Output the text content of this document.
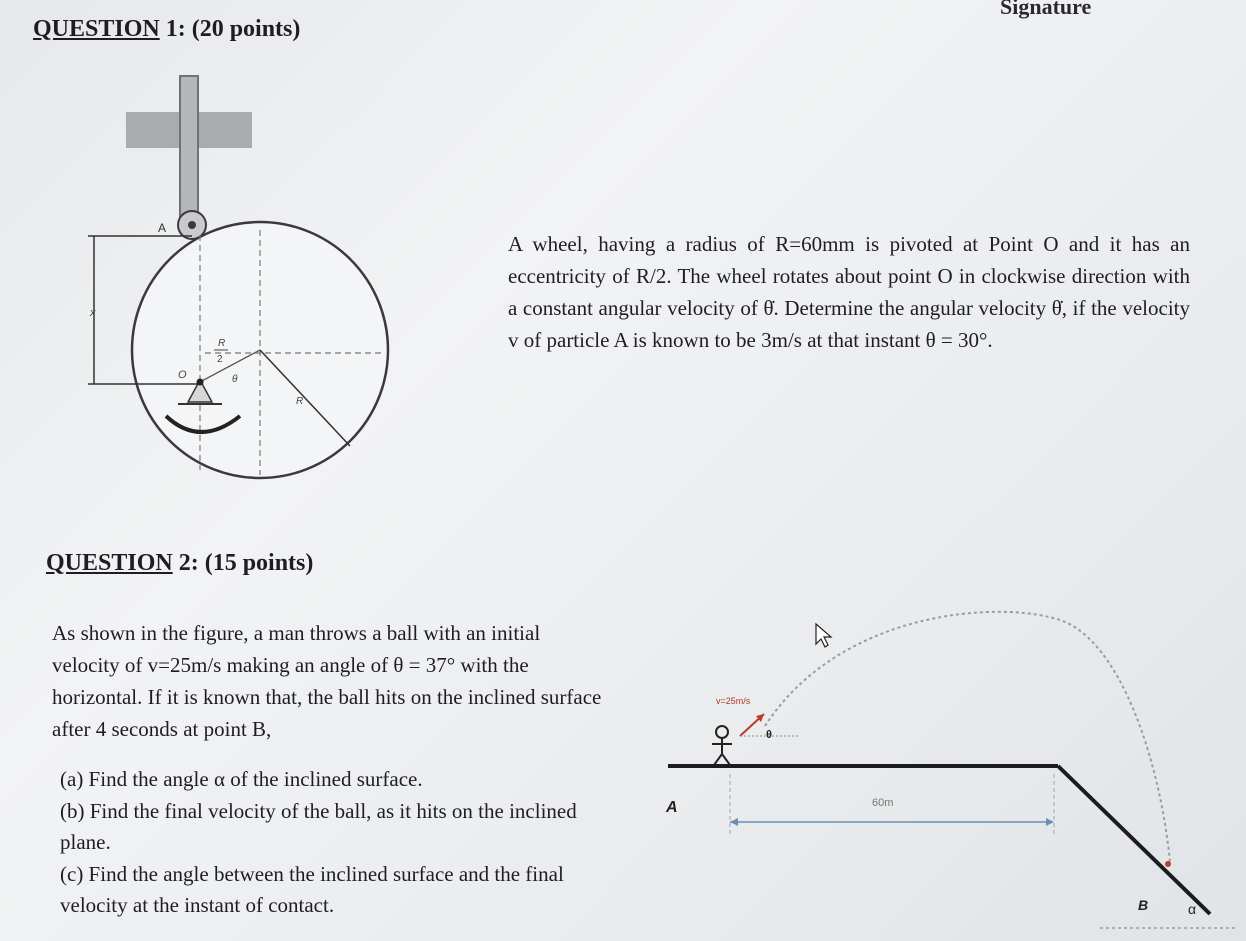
Signature
QUESTION 1: (20 points)
A
x
R
R
2
O	θ
A wheel, having a radius of R=60mm is pivoted at Point O and it has an eccentricity of R/2. The wheel rotates about point O in clockwise direction with a constant angular velocity of θ̇. Determine the angular velocity θ̇, if the velocity v of particle A is known to be 3m/s at that instant θ = 30°.
QUESTION 2: (15 points)
As shown in the figure, a man throws a ball with an initial velocity of v=25m/s making an angle of θ = 37° with the horizontal. If it is known that, the ball hits on the inclined surface after 4 seconds at point B,
(a) Find the angle α of the inclined surface.
(b) Find the final velocity of the ball, as it hits on the inclined plane.
(c) Find the angle between the inclined surface and the final velocity at the instant of contact.
v=25m/s
θ
A	60m
B	α
